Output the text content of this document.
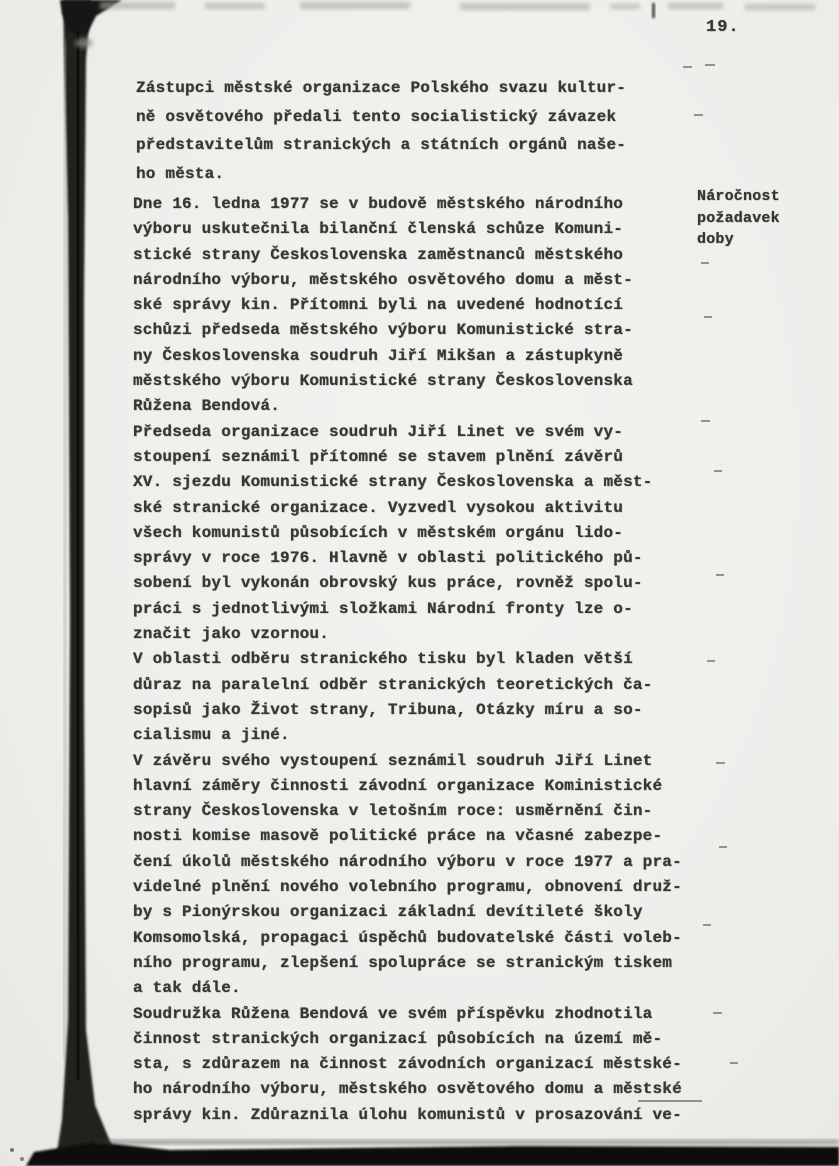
19.
Zástupci městské organizace Polského svazu kultur-
ně osvětového předali tento socialistický závazek
představitelům stranických a státních orgánů naše-
ho města.
Dne 16. ledna 1977 se v budově městského národního
výboru uskutečnila bilanční členská schůze Komuni-
stické strany Československa zaměstnanců městského
národního výboru, městského osvětového domu a měst-
ské správy kin. Přítomni byli na uvedené hodnotící
schůzi předseda městského výboru Komunistické stra-
ny Československa soudruh Jiří Mikšan a zástupkyně
městského výboru Komunistické strany Československa
Růžena Bendová.
Předseda organizace soudruh Jiří Linet ve svém vy-
stoupení seznámil přítomné se stavem plnění závěrů
XV. sjezdu Komunistické strany Československa a měst-
ské stranické organizace. Vyzvedl vysokou aktivitu
všech komunistů působících v městském orgánu lido-
správy v roce 1976. Hlavně v oblasti politického pů-
sobení byl vykonán obrovský kus práce, rovněž spolu-
práci s jednotlivými složkami Národní fronty lze o-
značit jako vzornou.
V oblasti odběru stranického tisku byl kladen větší
důraz na paralelní odběr stranických teoretických ča-
sopisů jako Život strany, Tribuna, Otázky míru a so-
cialismu a jiné.
V závěru svého vystoupení seznámil soudruh Jiří Linet
hlavní záměry činnosti závodní organizace Koministické
strany Československa v letošním roce: usměrnění čin-
nosti komise masově politické práce na včasné zabezpe-
čení úkolů městského národního výboru v roce 1977 a pra-
videlné plnění nového volebního programu, obnovení druž-
by s Pionýrskou organizaci základní devítileté školy
Komsomolská, propagaci úspěchů budovatelské části voleb-
ního programu, zlepšení spolupráce se stranickým tiskem
a tak dále.
Soudružka Růžena Bendová ve svém příspěvku zhodnotila
činnost stranických organizací působících na území mě-
sta, s zdůrazem na činnost závodních organizací městské-
ho národního výboru, městského osvětového domu a městské
správy kin. Zdůraznila úlohu komunistů v prosazování ve-
Náročnost
požadavek
doby
